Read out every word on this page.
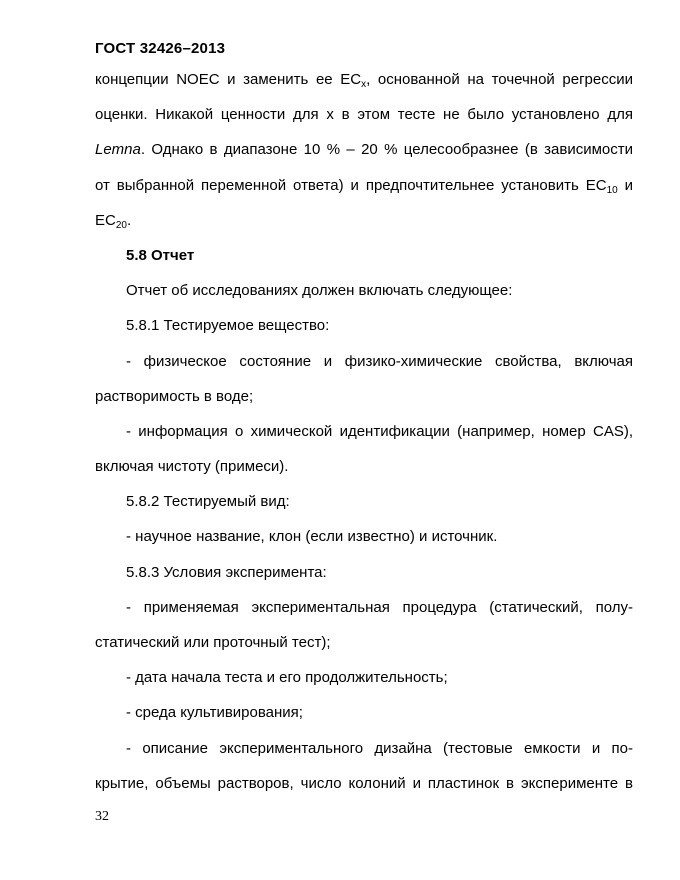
ГОСТ 32426–2013
концепции NOEC и заменить ее $EC_x$, основанной на точечной регрессии
оценки. Никакой ценности для x в этом тесте не было установлено для
Lemna. Однако в диапазоне 10 % – 20 % целесообразнее (в зависимости
от выбранной переменной ответа) и предпочтительнее установить $EC_{10}$ и
$EC_{20}$.
5.8 Отчет
Отчет об исследованиях должен включать следующее:
5.8.1 Тестируемое вещество:
- физическое состояние и физико-химические свойства, включая
растворимость в воде;
- информация о химической идентификации (например, номер CAS),
включая чистоту (примеси).
5.8.2 Тестируемый вид:
- научное название, клон (если известно) и источник.
5.8.3 Условия эксперимента:
- применяемая экспериментальная процедура (статический, полу-
статический или проточный тест);
- дата начала теста и его продолжительность;
- среда культивирования;
- описание экспериментального дизайна (тестовые емкости и по-
крытие, объемы растворов, число колоний и пластинок в эксперименте в
32
